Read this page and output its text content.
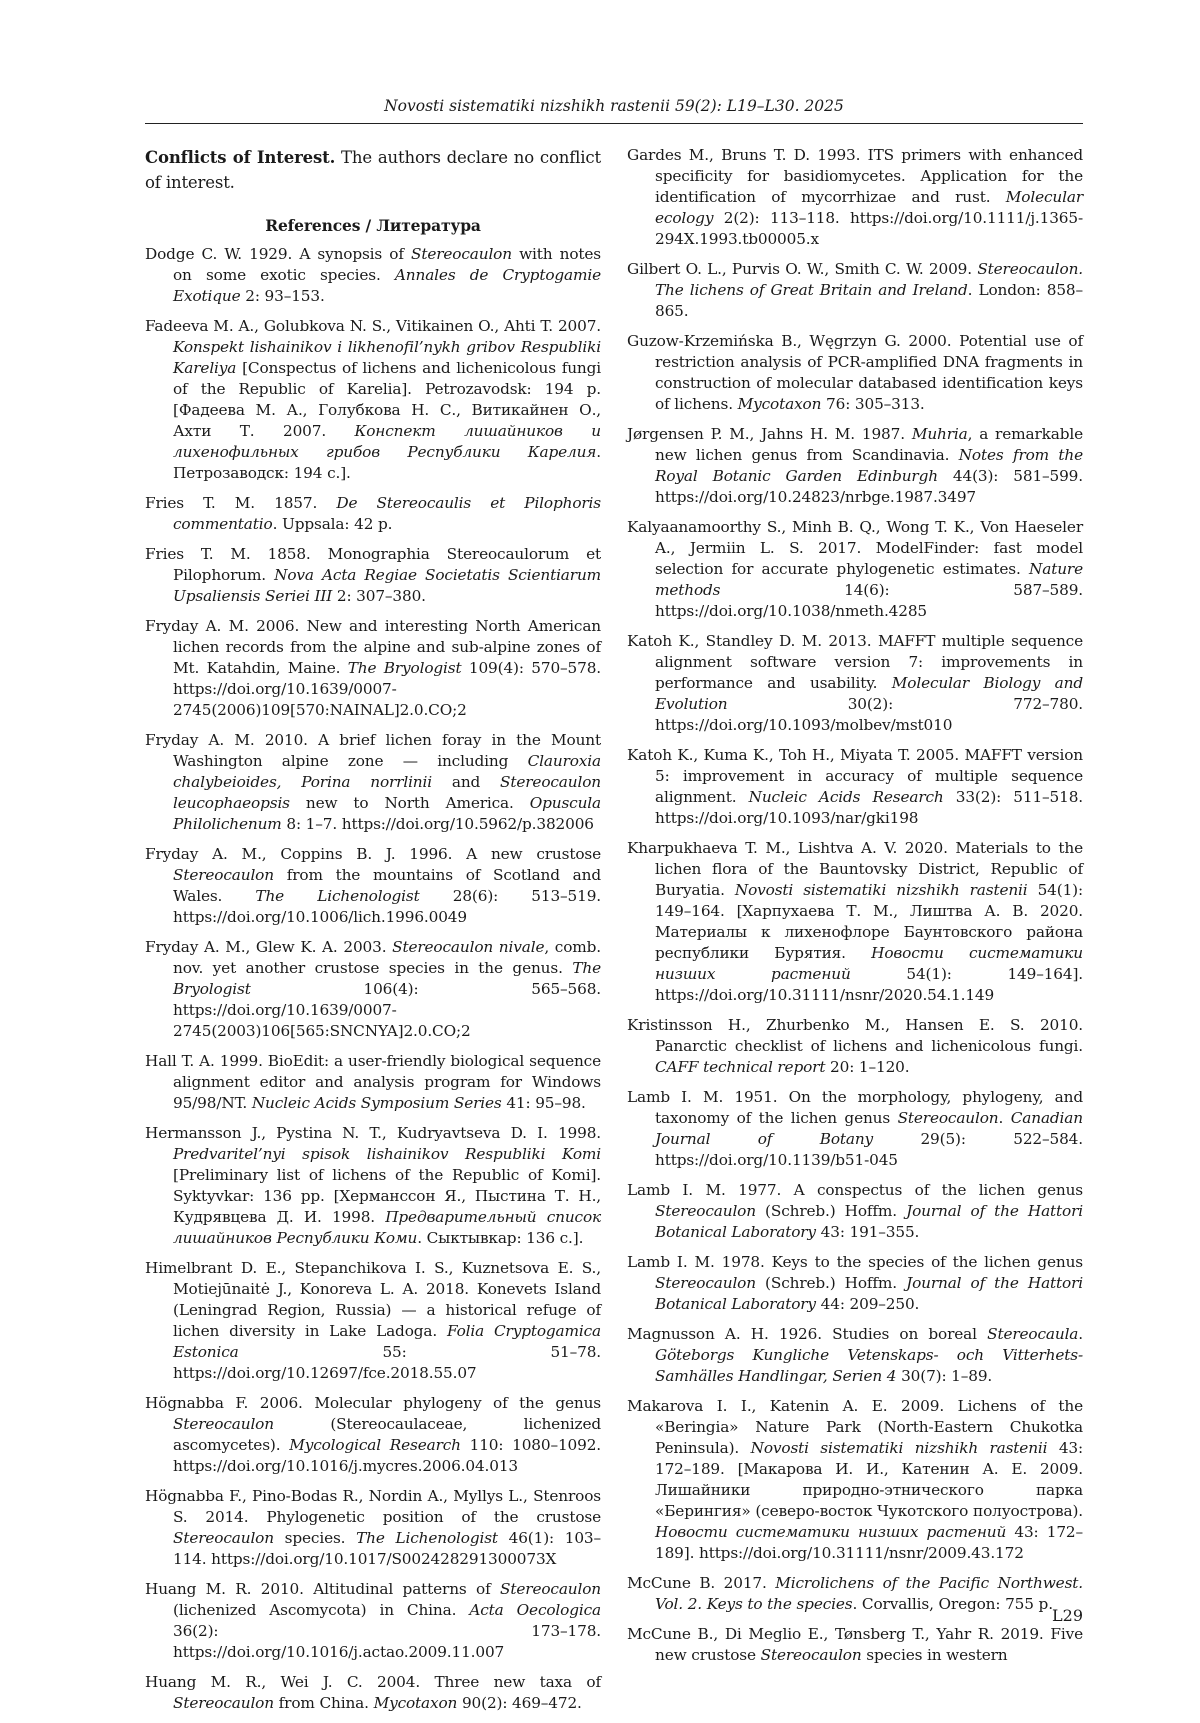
Novosti sistematiki nizshikh rastenii 59(2): L19–L30. 2025

Conflicts of Interest. The authors declare no conflict of interest.

References / Литература

Dodge C. W. 1929. A synopsis of Stereocaulon with notes on some exotic species. Annales de Cryptogamie Exotique 2: 93–153.

Fadeeva M. A., Golubkova N. S., Vitikainen O., Ahti T. 2007. Konspekt lishainikov i likhenofil’nykh gribov Respubliki Kareliya [Conspectus of lichens and lichenicolous fungi of the Republic of Karelia]. Petrozavodsk: 194 p. [Фадеева М. А., Голубкова Н. С., Витикайнен О., Ахти Т. 2007. Конспект лишайников и лихенофильных грибов Республики Карелия. Петрозаводск: 194 с.].

Fries T. M. 1857. De Stereocaulis et Pilophoris commentatio. Uppsala: 42 p.

Fries T. M. 1858. Monographia Stereocaulorum et Pilophorum. Nova Acta Regiae Societatis Scientiarum Upsaliensis Seriei III 2: 307–380.

Fryday A. M. 2006. New and interesting North American lichen records from the alpine and sub-alpine zones of Mt. Katahdin, Maine. The Bryologist 109(4): 570–578. https://doi.org/10.1639/0007-2745(2006)109[570:NAINAL]2.0.CO;2

Fryday A. M. 2010. A brief lichen foray in the Mount Washington alpine zone — including Clauroxia chalybeioides, Porina norrlinii and Stereocaulon leucophaeopsis new to North America. Opuscula Philolichenum 8: 1–7. https://doi.org/10.5962/p.382006

Fryday A. M., Coppins B. J. 1996. A new crustose Stereocaulon from the mountains of Scotland and Wales. The Lichenologist 28(6): 513–519. https://doi.org/10.1006/lich.1996.0049

Fryday A. M., Glew K. A. 2003. Stereocaulon nivale, comb. nov. yet another crustose species in the genus. The Bryologist 106(4): 565–568. https://doi.org/10.1639/0007-2745(2003)106[565:SNCNYA]2.0.CO;2

Hall T. A. 1999. BioEdit: a user-friendly biological sequence alignment editor and analysis program for Windows 95/98/NT. Nucleic Acids Symposium Series 41: 95–98.

Hermansson J., Pystina N. T., Kudryavtseva D. I. 1998. Predvaritel’nyi spisok lishainikov Respubliki Komi [Preliminary list of lichens of the Republic of Komi]. Syktyvkar: 136 pp. [Херманссон Я., Пыстина Т. Н., Кудрявцева Д. И. 1998. Предварительный список лишайников Республики Коми. Сыктывкар: 136 с.].

Himelbrant D. E., Stepanchikova I. S., Kuznetsova E. S., Motiejūnaitė J., Konoreva L. A. 2018. Konevets Island (Leningrad Region, Russia) — a historical refuge of lichen diversity in Lake Ladoga. Folia Cryptogamica Estonica 55: 51–78. https://doi.org/10.12697/fce.2018.55.07

Högnabba F. 2006. Molecular phylogeny of the genus Stereocaulon (Stereocaulaceae, lichenized ascomycetes). Mycological Research 110: 1080–1092. https://doi.org/10.1016/j.mycres.2006.04.013

Högnabba F., Pino-Bodas R., Nordin A., Myllys L., Stenroos S. 2014. Phylogenetic position of the crustose Stereocaulon species. The Lichenologist 46(1): 103–114. https://doi.org/10.1017/S002428291300073X

Huang M. R. 2010. Altitudinal patterns of Stereocaulon (lichenized Ascomycota) in China. Acta Oecologica 36(2): 173–178. https://doi.org/10.1016/j.actao.2009.11.007

Huang M. R., Wei J. C. 2004. Three new taxa of Stereocaulon from China. Mycotaxon 90(2): 469–472.

Gardes M., Bruns T. D. 1993. ITS primers with enhanced specificity for basidiomycetes. Application for the identification of mycorrhizae and rust. Molecular ecology 2(2): 113–118. https://doi.org/10.1111/j.1365-294X.1993.tb00005.x

Gilbert O. L., Purvis O. W., Smith C. W. 2009. Stereocaulon. The lichens of Great Britain and Ireland. London: 858–865.

Guzow-Krzemińska B., Węgrzyn G. 2000. Potential use of restriction analysis of PCR-amplified DNA fragments in construction of molecular databased identification keys of lichens. Mycotaxon 76: 305–313.

Jørgensen P. M., Jahns H. M. 1987. Muhria, a remarkable new lichen genus from Scandinavia. Notes from the Royal Botanic Garden Edinburgh 44(3): 581–599. https://doi.org/10.24823/nrbge.1987.3497

Kalyaanamoorthy S., Minh B. Q., Wong T. K., Von Haeseler A., Jermiin L. S. 2017. ModelFinder: fast model selection for accurate phylogenetic estimates. Nature methods 14(6): 587–589. https://doi.org/10.1038/nmeth.4285

Katoh K., Standley D. M. 2013. MAFFT multiple sequence alignment software version 7: improvements in performance and usability. Molecular Biology and Evolution 30(2): 772–780. https://doi.org/10.1093/molbev/mst010

Katoh K., Kuma K., Toh H., Miyata T. 2005. MAFFT version 5: improvement in accuracy of multiple sequence alignment. Nucleic Acids Research 33(2): 511–518. https://doi.org/10.1093/nar/gki198

Kharpukhaeva T. M., Lishtva A. V. 2020. Materials to the lichen flora of the Bauntovsky District, Republic of Buryatia. Novosti sistematiki nizshikh rastenii 54(1): 149–164. [Харпухаева Т. М., Лиштва А. В. 2020. Материалы к лихенофлоре Баунтовского района республики Бурятия. Новости систематики низших растений 54(1): 149–164]. https://doi.org/10.31111/nsnr/2020.54.1.149

Kristinsson H., Zhurbenko M., Hansen E. S. 2010. Panarctic checklist of lichens and lichenicolous fungi. CAFF technical report 20: 1–120.

Lamb I. M. 1951. On the morphology, phylogeny, and taxonomy of the lichen genus Stereocaulon. Canadian Journal of Botany 29(5): 522–584. https://doi.org/10.1139/b51-045

Lamb I. M. 1977. A conspectus of the lichen genus Stereocaulon (Schreb.) Hoffm. Journal of the Hattori Botanical Laboratory 43: 191–355.

Lamb I. M. 1978. Keys to the species of the lichen genus Stereocaulon (Schreb.) Hoffm. Journal of the Hattori Botanical Laboratory 44: 209–250.

Magnusson A. H. 1926. Studies on boreal Stereocaula. Göteborgs Kungliche Vetenskaps- och Vitterhets-Samhälles Handlingar, Serien 4 30(7): 1–89.

Makarova I. I., Katenin A. E. 2009. Lichens of the «Beringia» Nature Park (North-Eastern Chukotka Peninsula). Novosti sistematiki nizshikh rastenii 43: 172–189. [Макарова И. И., Катенин А. Е. 2009. Лишайники природно-этнического парка «Берингия» (северо-восток Чукотского полуострова). Новости систематики низших растений 43: 172–189]. https://doi.org/10.31111/nsnr/2009.43.172

McCune B. 2017. Microlichens of the Pacific Northwest. Vol. 2. Keys to the species. Corvallis, Oregon: 755 p.

McCune B., Di Meglio E., Tønsberg T., Yahr R. 2019. Five new crustose Stereocaulon species in western

L29
